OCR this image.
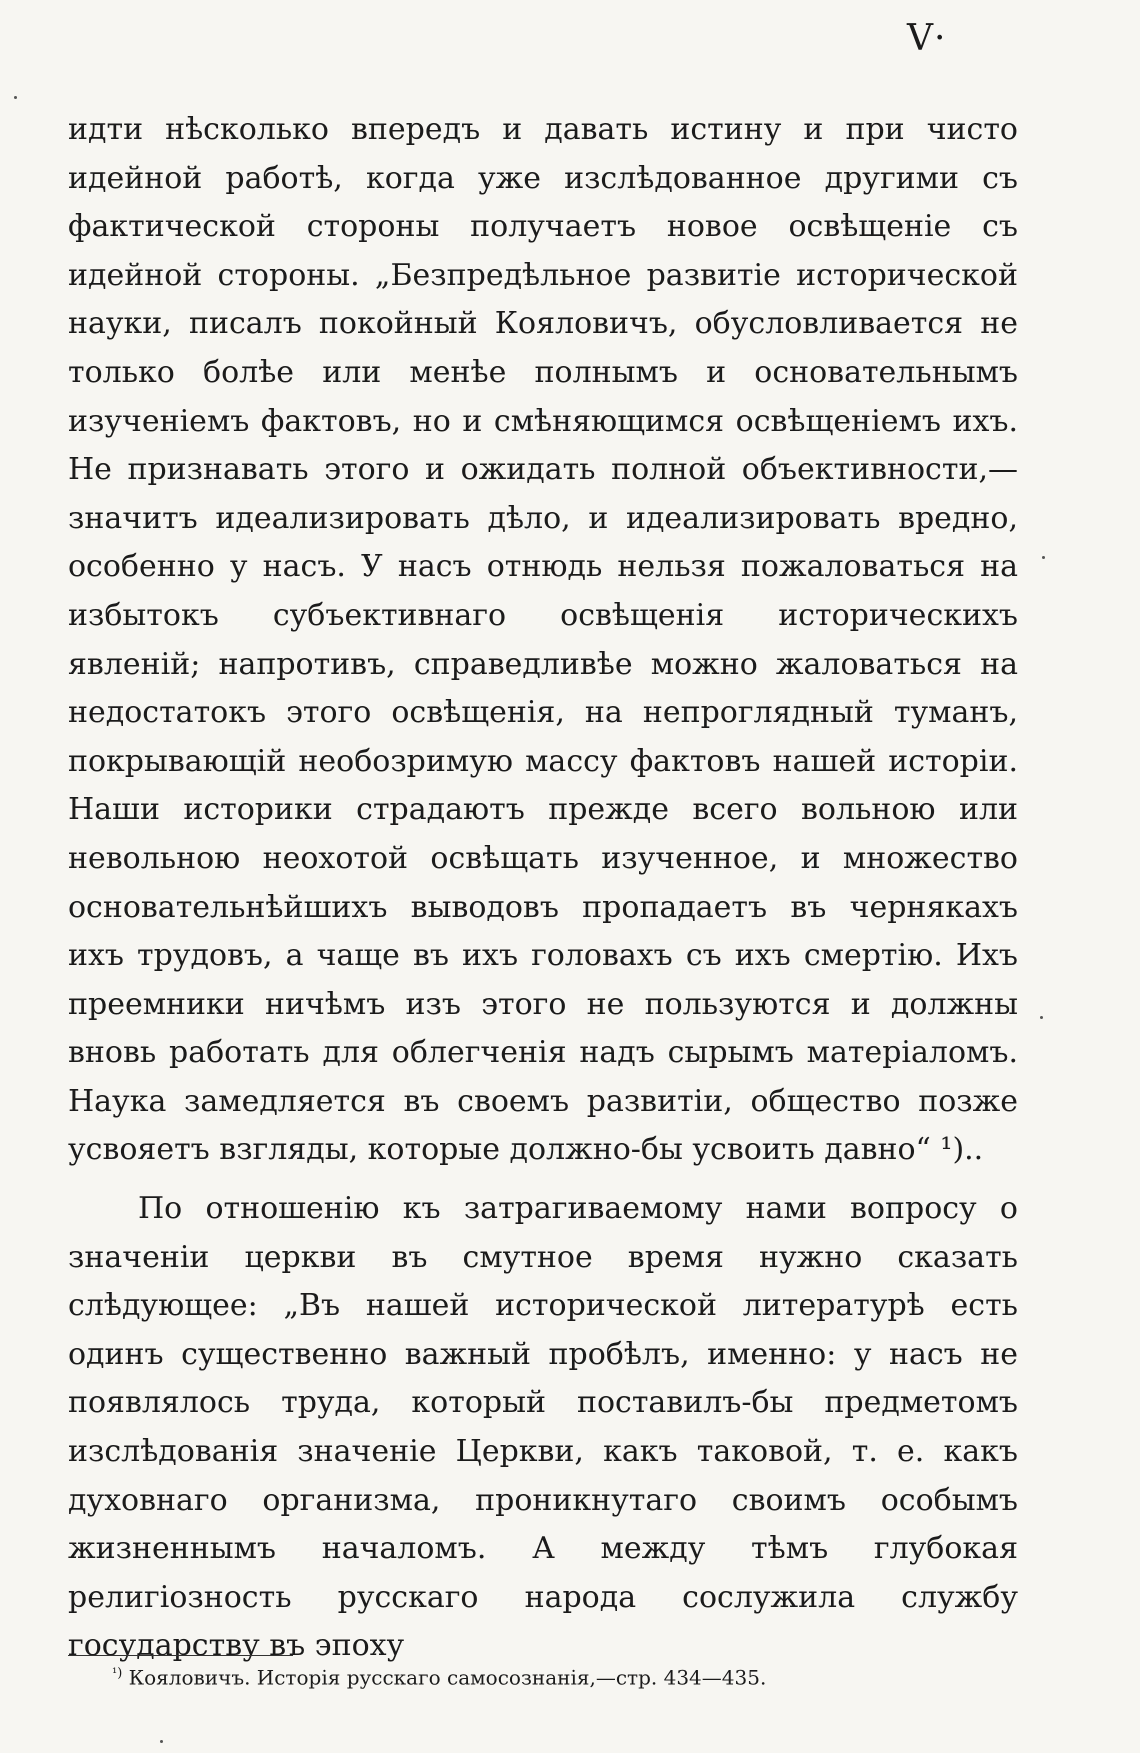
V·

идти нѣсколько впередъ и давать истину и при чисто идейной работѣ, когда уже изслѣдованное другими съ фактической стороны получаетъ новое освѣщеніе съ идейной стороны. „Безпредѣльное развитіе исторической науки, писалъ покойный Кояловичъ, обусловливается не только болѣе или менѣе полнымъ и основательнымъ изученіемъ фактовъ, но и смѣняющимся освѣщеніемъ ихъ. Не признавать этого и ожидать полной объективности,— значитъ идеализировать дѣло, и идеализировать вредно, особенно у насъ. У насъ отнюдь нельзя пожаловаться на избытокъ субъективнаго освѣщенія историческихъ явленій; напротивъ, справедливѣе можно жаловаться на недостатокъ этого освѣщенія, на непроглядный туманъ, покрывающій необозримую массу фактовъ нашей исторіи. Наши историки страдаютъ прежде всего вольною или невольною неохотой освѣщать изученное, и множество основательнѣйшихъ выводовъ пропадаетъ въ чернякахъ ихъ трудовъ, а чаще въ ихъ головахъ съ ихъ смертію. Ихъ преемники ничѣмъ изъ этого не пользуются и должны вновь работать для облегченія надъ сырымъ матеріаломъ. Наука замедляется въ своемъ развитіи, общество позже усвояетъ взгляды, которые должно-бы усвоить давно“ ¹)..

По отношенію къ затрагиваемому нами вопросу о значеніи церкви въ смутное время нужно сказать слѣдующее: „Въ нашей исторической литературѣ есть одинъ существенно важный пробѣлъ, именно: у насъ не появлялось труда, который поставилъ-бы предметомъ изслѣдованія значеніе Церкви, какъ таковой, т. е. какъ духовнаго организма, проникнутаго своимъ особымъ жизненнымъ началомъ. А между тѣмъ глубокая религіозность русскаго народа сослужила службу государству въ эпоху

$^{^1)}$ Кояловичъ. Исторія русскаго самосознанія,—стр. 434—435.
